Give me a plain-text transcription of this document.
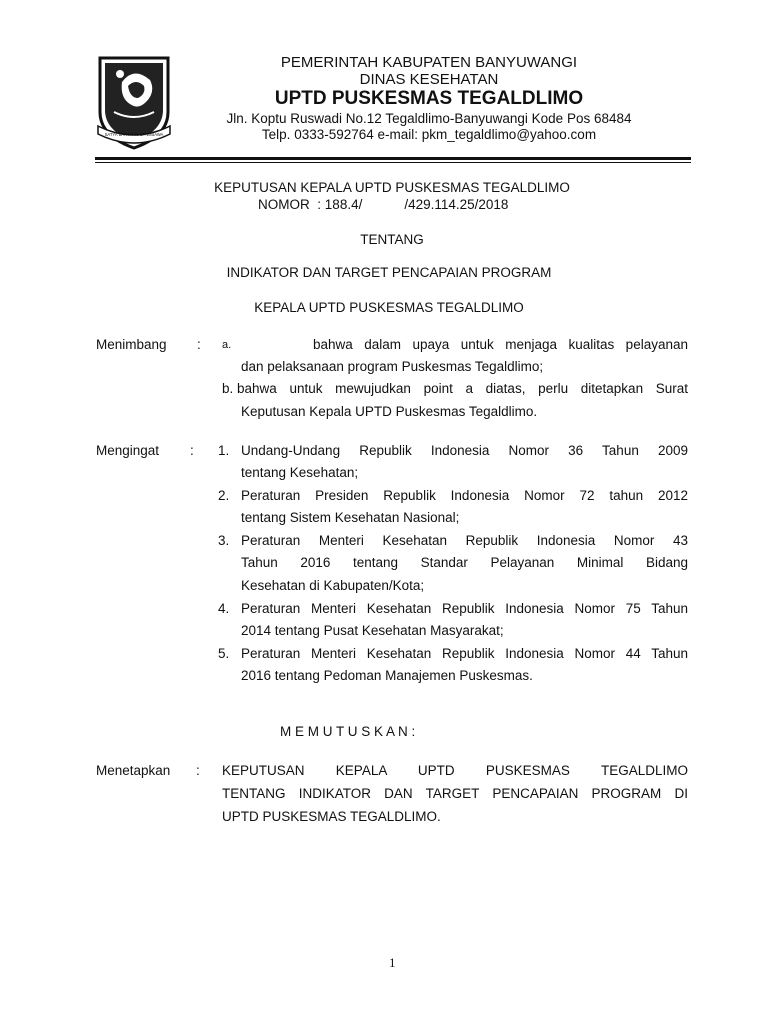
SATYA BAKTI PRAJA WIBAWA
PEMERINTAH KABUPATEN BANYUWANGI
DINAS KESEHATAN
UPTD PUSKESMAS TEGALDLIMO
Jln. Koptu Ruswadi No.12 Tegaldlimo-Banyuwangi Kode Pos 68484
Telp. 0333-592764 e-mail: pkm_tegaldlimo@yahoo.com
KEPUTUSAN KEPALA UPTD PUSKESMAS TEGALDLIMO
NOMOR : 188.4/	/429.114.25/2018
TENTANG
INDIKATOR DAN TARGET PENCAPAIAN PROGRAM
KEPALA UPTD PUSKESMAS TEGALDLIMO
Menimbang : a.	bahwa dalam upaya untuk menjaga kualitas pelayanan
dan pelaksanaan program Puskesmas Tegaldlimo;
b. bahwa untuk mewujudkan point a diatas, perlu ditetapkan Surat
Keputusan Kepala UPTD Puskesmas Tegaldlimo.
Mengingat : 1. Undang-Undang Republik Indonesia Nomor 36 Tahun 2009
tentang Kesehatan;
2. Peraturan Presiden Republik Indonesia Nomor 72 tahun 2012
tentang Sistem Kesehatan Nasional;
3. Peraturan Menteri Kesehatan Republik Indonesia Nomor 43
Tahun 2016 tentang Standar Pelayanan Minimal Bidang
Kesehatan di Kabupaten/Kota;
4. Peraturan Menteri Kesehatan Republik Indonesia Nomor 75 Tahun
2014 tentang Pusat Kesehatan Masyarakat;
5. Peraturan Menteri Kesehatan Republik Indonesia Nomor 44 Tahun
2016 tentang Pedoman Manajemen Puskesmas.
M E M U T U S K A N :
Menetapkan : KEPUTUSAN KEPALA UPTD PUSKESMAS TEGALDLIMO
TENTANG INDIKATOR DAN TARGET PENCAPAIAN PROGRAM DI
UPTD PUSKESMAS TEGALDLIMO.
1
